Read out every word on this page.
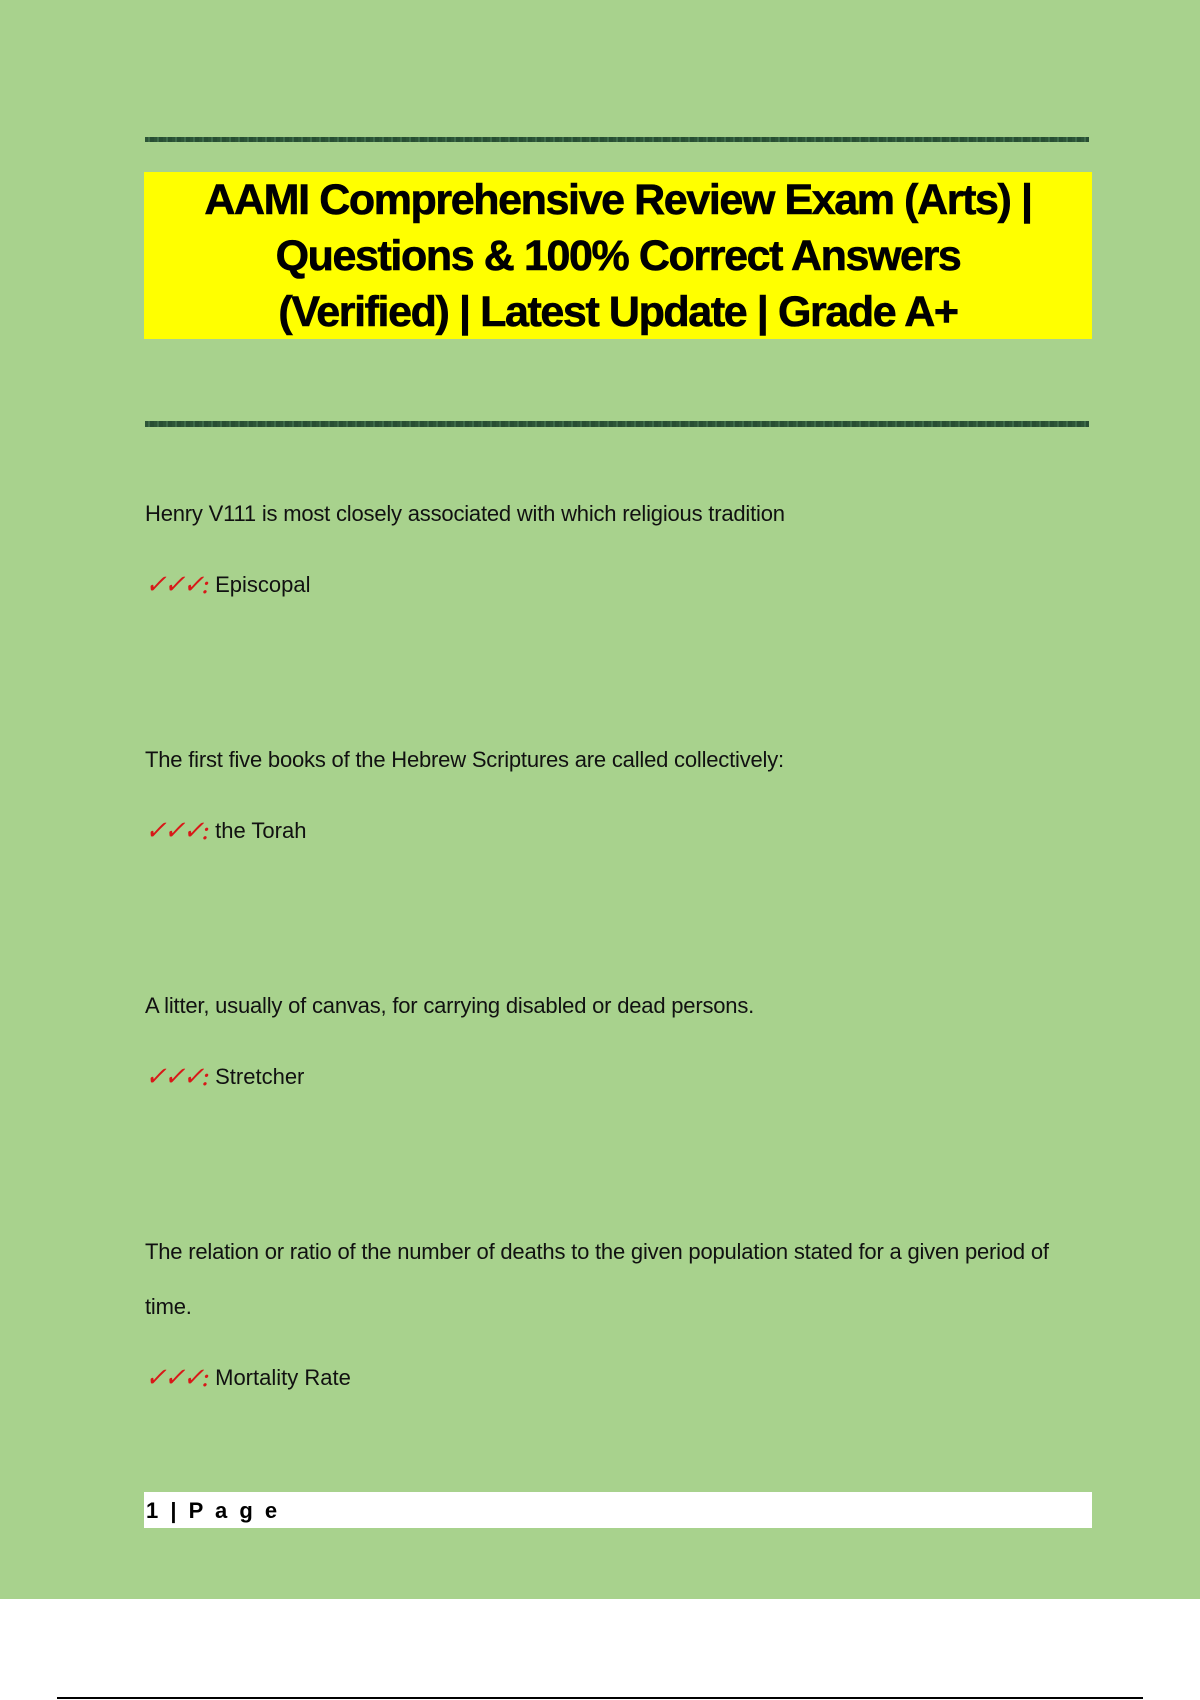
AAMI Comprehensive Review Exam (Arts) |
Questions & 100% Correct Answers
(Verified) | Latest Update | Grade A+

Henry V111 is most closely associated with which religious tradition

✓✓✓: Episcopal

The first five books of the Hebrew Scriptures are called collectively:

✓✓✓: the Torah

A litter, usually of canvas, for carrying disabled or dead persons.

✓✓✓: Stretcher

The relation or ratio of the number of deaths to the given population stated for a given period of time.

✓✓✓: Mortality Rate
1 | P a g e
